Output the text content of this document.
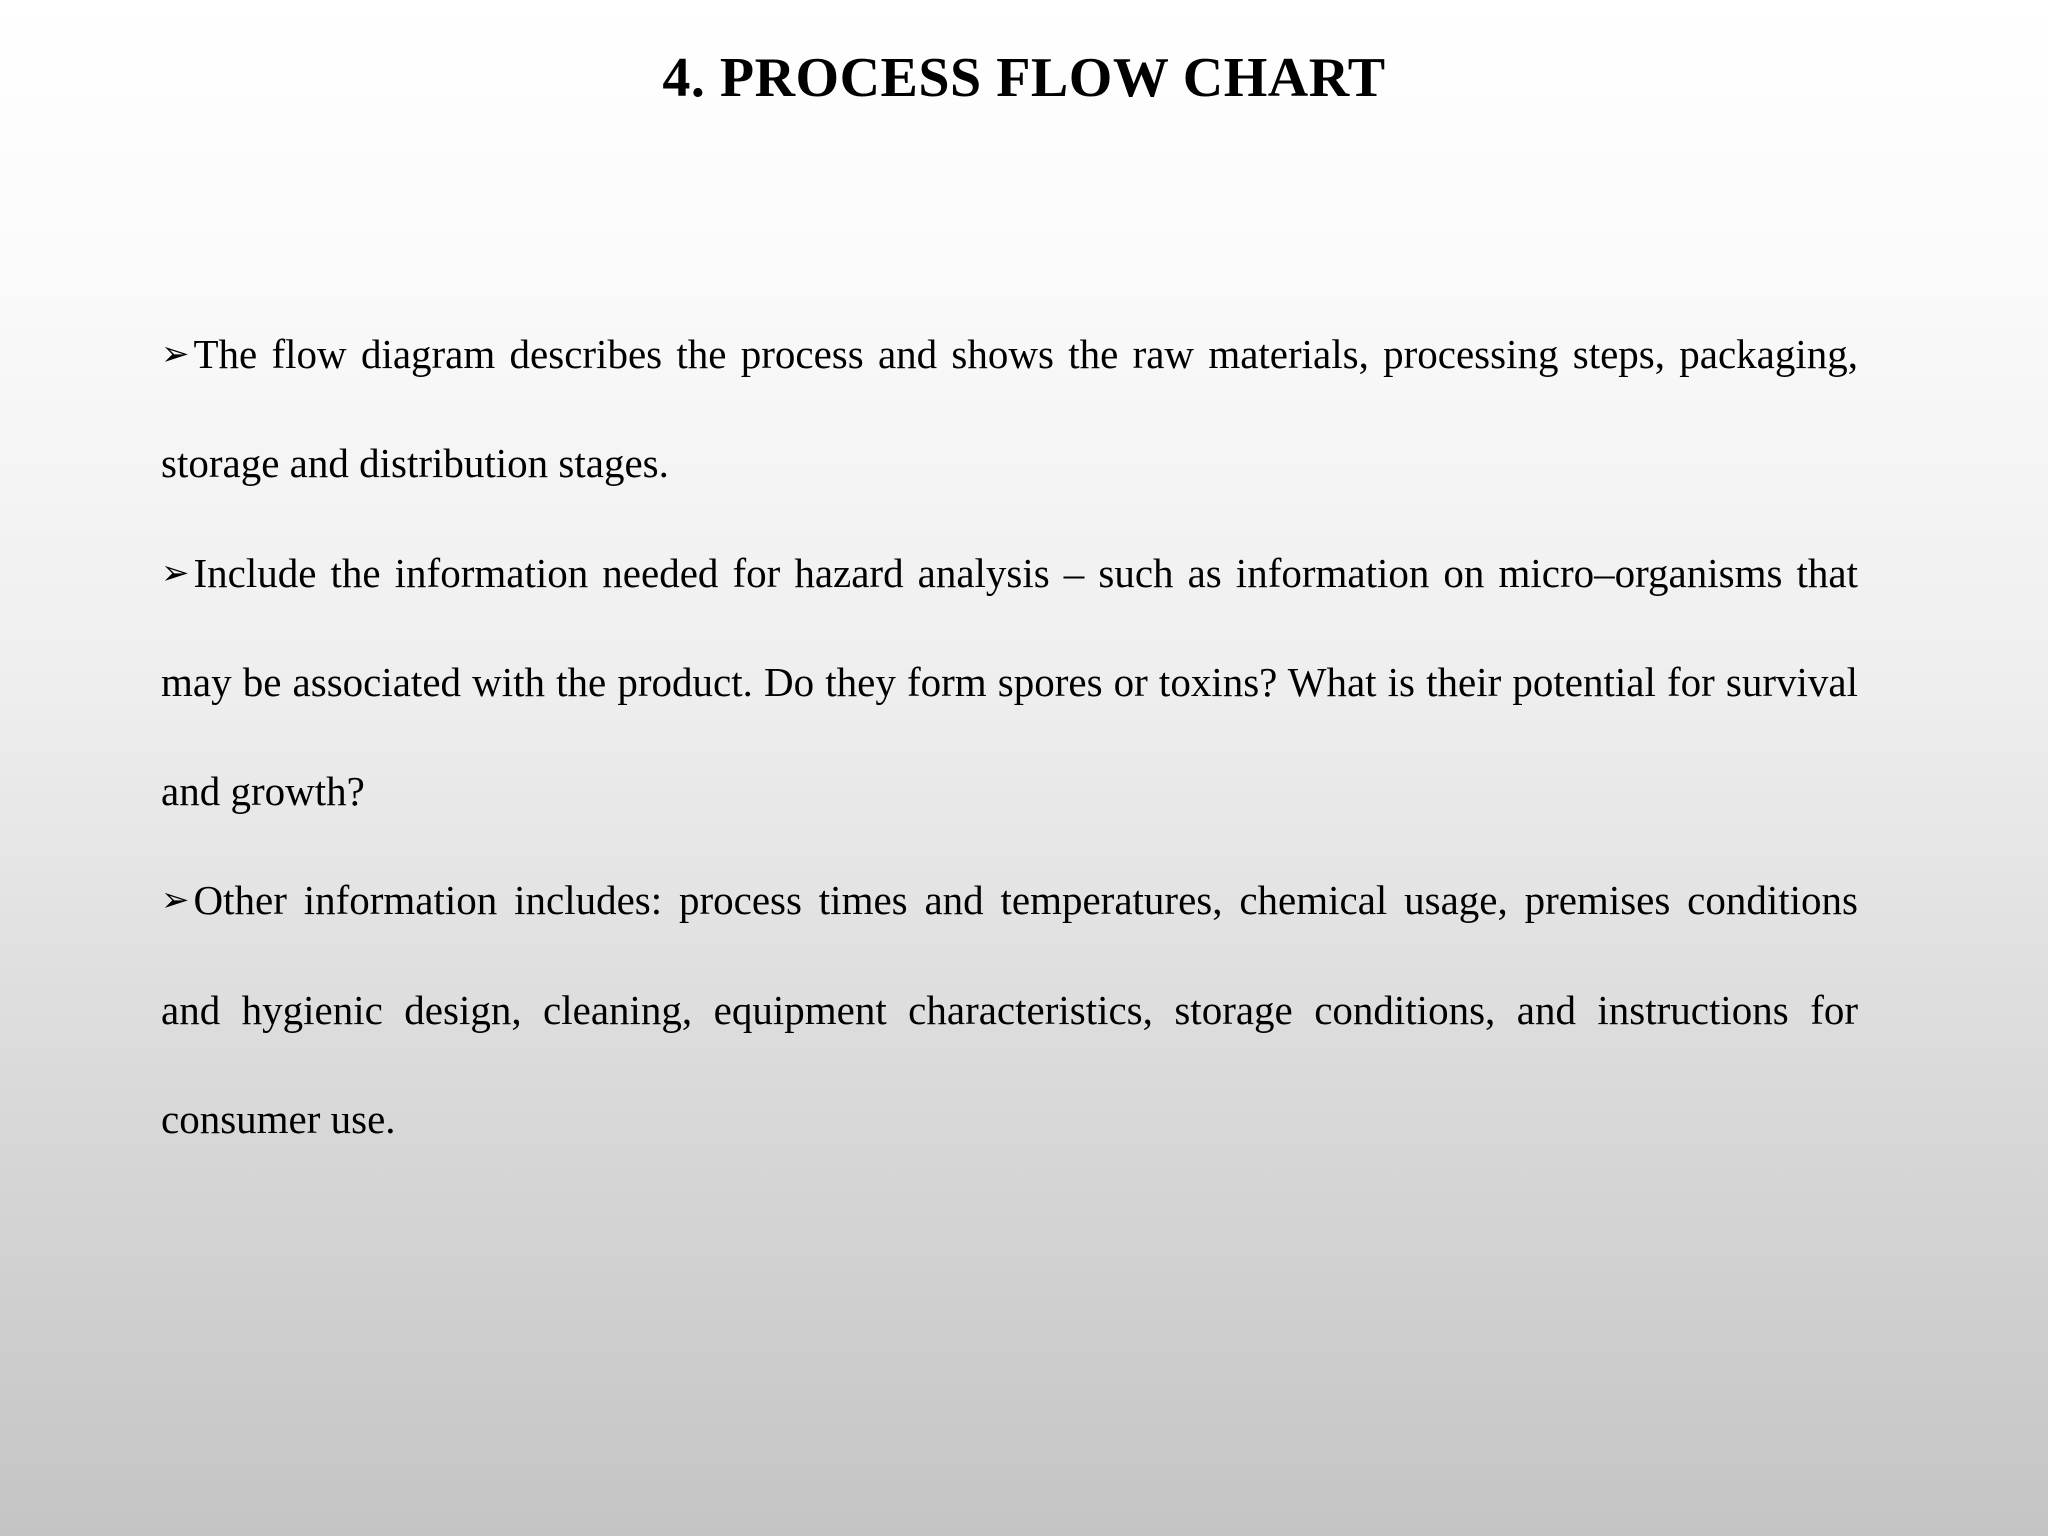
4. PROCESS FLOW CHART
➢The flow diagram describes the process and shows the raw materials, processing steps, packaging, storage and distribution stages.
➢Include the information needed for hazard analysis – such as information on micro–organisms that may be associated with the product. Do they form spores or toxins? What is their potential for survival and growth?
➢Other information includes: process times and temperatures, chemical usage, premises conditions and hygienic design, cleaning, equipment characteristics, storage conditions, and instructions for consumer use.
